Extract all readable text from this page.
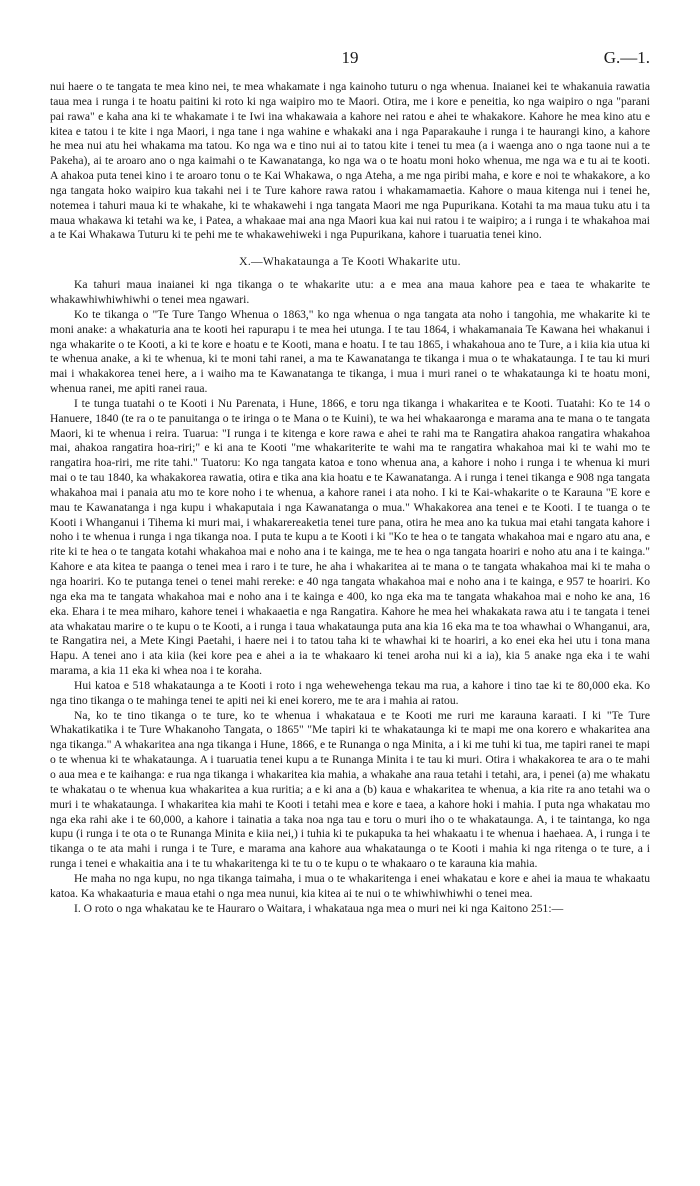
19	G.—1.

nui haere o te tangata te mea kino nei, te mea whakamate i nga kainoho tuturu o nga whenua. Inaianei kei te whakanuia rawatia taua mea i runga i te hoatu paitini ki roto ki nga waipiro mo te Maori. Otira, me i kore e peneitia, ko nga waipiro o nga "parani pai rawa" e kaha ana ki te whakamate i te Iwi ina whakawaia a kahore nei ratou e ahei te whakakore. Kahore he mea kino atu e kitea e tatou i te kite i nga Maori, i nga tane i nga wahine e whakaki ana i nga Paparakauhe i runga i te haurangi kino, a kahore he mea nui atu hei whakama ma tatou. Ko nga wa e tino nui ai to tatou kite i tenei tu mea (a i waenga ano o nga taone nui a te Pakeha), ai te aroaro ano o nga kaimahi o te Kawanatanga, ko nga wa o te hoatu moni hoko whenua, me nga wa e tu ai te kooti. A ahakoa puta tenei kino i te aroaro tonu o te Kai Whakawa, o nga Ateha, a me nga piribi maha, e kore e noi te whakakore, a ko nga tangata hoko waipiro kua takahi nei i te Ture kahore rawa ratou i whakamamaetia. Kahore o maua kitenga nui i tenei he, notemea i tahuri maua ki te whakahe, ki te whakawehi i nga tangata Maori me nga Pupurikana. Kotahi ta ma maua tuku atu i ta maua whakawa ki tetahi wa ke, i Patea, a whakaae mai ana nga Maori kua kai nui ratou i te waipiro; a i runga i te whakahoa mai a te Kai Whakawa Tuturu ki te pehi me te whakawehiweki i nga Pupurikana, kahore i tuaruatia tenei kino.

X.—Whakataunga a Te Kooti Whakarite utu.

Ka tahuri maua inaianei ki nga tikanga o te whakarite utu: a e mea ana maua kahore pea e taea te whakarite te whakawhiwhiwhiwhi o tenei mea ngawari.

Ko te tikanga o "Te Ture Tango Whenua o 1863," ko nga whenua o nga tangata ata noho i tangohia, me whakarite ki te moni anake: a whakaturia ana te kooti hei rapurapu i te mea hei utunga. I te tau 1864, i whakamanaia Te Kawana hei whakanui i nga whakarite o te Kooti, a ki te kore e hoatu e te Kooti, mana e hoatu. I te tau 1865, i whakahoua ano te Ture, a i kiia kia utua ki te whenua anake, a ki te whenua, ki te moni tahi ranei, a ma te Kawanatanga te tikanga i mua o te whakataunga. I te tau ki muri mai i whakakorea tenei here, a i waiho ma te Kawanatanga te tikanga, i mua i muri ranei o te whakataunga ki te hoatu moni, whenua ranei, me apiti ranei raua.

I te tunga tuatahi o te Kooti i Nu Parenata, i Hune, 1866, e toru nga tikanga i whakaritea e te Kooti. Tuatahi: Ko te 14 o Hanuere, 1840 (te ra o te panuitanga o te iringa o te Mana o te Kuini), te wa hei whakaaronga e marama ana te mana o te tangata Maori, ki te whenua i reira. Tuarua: "I runga i te kitenga e kore rawa e ahei te rahi ma te Rangatira ahakoa rangatira whakahoa mai, ahakoa rangatira hoa-riri;" e ki ana te Kooti "me whakariterite te wahi ma te rangatira whakahoa mai ki te wahi mo te rangatira hoa-riri, me rite tahi." Tuatoru: Ko nga tangata katoa e tono whenua ana, a kahore i noho i runga i te whenua ki muri mai o te tau 1840, ka whakakorea rawatia, otira e tika ana kia hoatu e te Kawanatanga. A i runga i tenei tikanga e 908 nga tangata whakahoa mai i panaia atu mo te kore noho i te whenua, a kahore ranei i ata noho. I ki te Kai-whakarite o te Karauna "E kore e mau te Kawanatanga i nga kupu i whakaputaia i nga Kawanatanga o mua." Whakakorea ana tenei e te Kooti. I te tuanga o te Kooti i Whanganui i Tihema ki muri mai, i whakarereaketia tenei ture pana, otira he mea ano ka tukua mai etahi tangata kahore i noho i te whenua i runga i nga tikanga noa. I puta te kupu a te Kooti i ki "Ko te hea o te tangata whakahoa mai e ngaro atu ana, e rite ki te hea o te tangata kotahi whakahoa mai e noho ana i te kainga, me te hea o nga tangata hoariri e noho atu ana i te kainga." Kahore e ata kitea te paanga o tenei mea i raro i te ture, he aha i whakaritea ai te mana o te tangata whakahoa mai ki te maha o nga hoariri. Ko te putanga tenei o tenei mahi rereke: e 40 nga tangata whakahoa mai e noho ana i te kainga, e 957 te hoariri. Ko nga eka ma te tangata whakahoa mai e noho ana i te kainga e 400, ko nga eka ma te tangata whakahoa mai e noho ke ana, 16 eka. Ehara i te mea miharo, kahore tenei i whakaaetia e nga Rangatira. Kahore he mea hei whakakata rawa atu i te tangata i tenei ata whakatau marire o te kupu o te Kooti, a i runga i taua whakataunga puta ana kia 16 eka ma te toa whawhai o Whanganui, ara, te Rangatira nei, a Mete Kingi Paetahi, i haere nei i to tatou taha ki te whawhai ki te hoariri, a ko enei eka hei utu i tona mana Hapu. A tenei ano i ata kiia (kei kore pea e ahei a ia te whakaaro ki tenei aroha nui ki a ia), kia 5 anake nga eka i te wahi marama, a kia 11 eka ki whea noa i te koraha.

Hui katoa e 518 whakataunga a te Kooti i roto i nga wehewehenga tekau ma rua, a kahore i tino tae ki te 80,000 eka. Ko nga tino tikanga o te mahinga tenei te apiti nei ki enei korero, me te ara i mahia ai ratou.

Na, ko te tino tikanga o te ture, ko te whenua i whakataua e te Kooti me ruri me karauna karaati. I ki "Te Ture Whakatikatika i te Ture Whakanoho Tangata, o 1865" "Me tapiri ki te whakataunga ki te mapi me ona korero e whakaritea ana nga tikanga." A whakaritea ana nga tikanga i Hune, 1866, e te Runanga o nga Minita, a i ki me tuhi ki tua, me tapiri ranei te mapi o te whenua ki te whakataunga. A i tuaruatia tenei kupu a te Runanga Minita i te tau ki muri. Otira i whakakorea te ara o te mahi o aua mea e te kaihanga: e rua nga tikanga i whakaritea kia mahia, a whakahe ana raua tetahi i tetahi, ara, i penei (a) me whakatu te whakatau o te whenua kua whakaritea a kua ruritia; a e ki ana a (b) kaua e whakaritea te whenua, a kia rite ra ano tetahi wa o muri i te whakataunga. I whakaritea kia mahi te Kooti i tetahi mea e kore e taea, a kahore hoki i mahia. I puta nga whakatau mo nga eka rahi ake i te 60,000, a kahore i tainatia a taka noa nga tau e toru o muri iho o te whakataunga. A, i te taintanga, ko nga kupu (i runga i te ota o te Runanga Minita e kiia nei,) i tuhia ki te pukapuka ta hei whakaatu i te whenua i haehaea. A, i runga i te tikanga o te ata mahi i runga i te Ture, e marama ana kahore aua whakataunga o te Kooti i mahia ki nga ritenga o te ture, a i runga i tenei e whakaitia ana i te tu whakaritenga ki te tu o te kupu o te whakaaro o te karauna kia mahia.

He maha no nga kupu, no nga tikanga taimaha, i mua o te whakaritenga i enei whakatau e kore e ahei ia maua te whakaatu katoa. Ka whakaaturia e maua etahi o nga mea nunui, kia kitea ai te nui o te whiwhiwhiwhi o tenei mea.

I. O roto o nga whakatau ke te Hauraro o Waitara, i whakataua nga mea o muri nei ki nga Kaitono 251:—
